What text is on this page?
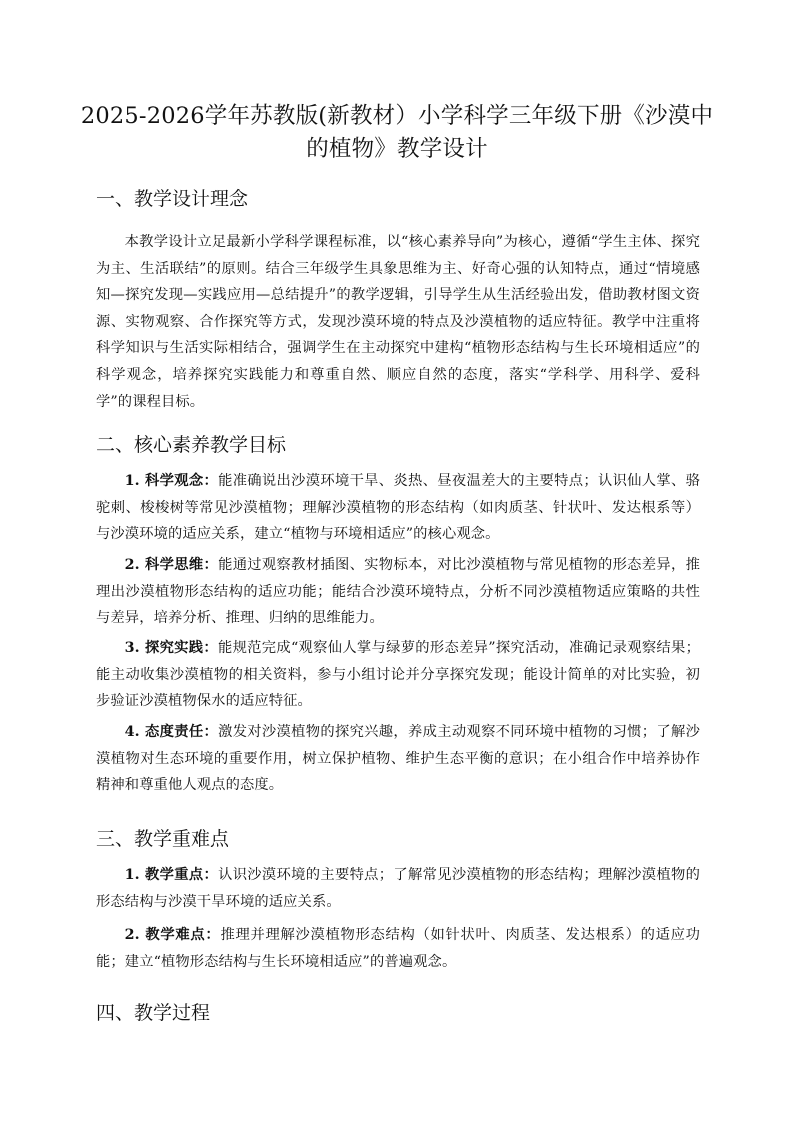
2025-2026学年苏教版(新教材）小学科学三年级下册《沙漠中的植物》教学设计
一、教学设计理念
本教学设计立足最新小学科学课程标准，以“核心素养导向”为核心，遵循“学生主体、探究为主、生活联结”的原则。结合三年级学生具象思维为主、好奇心强的认知特点，通过“情境感知—探究发现—实践应用—总结提升”的教学逻辑，引导学生从生活经验出发，借助教材图文资源、实物观察、合作探究等方式，发现沙漠环境的特点及沙漠植物的适应特征。教学中注重将科学知识与生活实际相结合，强调学生在主动探究中建构“植物形态结构与生长环境相适应”的科学观念，培养探究实践能力和尊重自然、顺应自然的态度，落实“学科学、用科学、爱科学”的课程目标。
二、核心素养教学目标
1. 科学观念：能准确说出沙漠环境干旱、炎热、昼夜温差大的主要特点；认识仙人掌、骆驼刺、梭梭树等常见沙漠植物；理解沙漠植物的形态结构（如肉质茎、针状叶、发达根系等）与沙漠环境的适应关系，建立“植物与环境相适应”的核心观念。
2. 科学思维：能通过观察教材插图、实物标本，对比沙漠植物与常见植物的形态差异，推理出沙漠植物形态结构的适应功能；能结合沙漠环境特点，分析不同沙漠植物适应策略的共性与差异，培养分析、推理、归纳的思维能力。
3. 探究实践：能规范完成“观察仙人掌与绿萝的形态差异”探究活动，准确记录观察结果；能主动收集沙漠植物的相关资料，参与小组讨论并分享探究发现；能设计简单的对比实验，初步验证沙漠植物保水的适应特征。
4. 态度责任：激发对沙漠植物的探究兴趣，养成主动观察不同环境中植物的习惯；了解沙漠植物对生态环境的重要作用，树立保护植物、维护生态平衡的意识；在小组合作中培养协作精神和尊重他人观点的态度。
三、教学重难点
1. 教学重点：认识沙漠环境的主要特点；了解常见沙漠植物的形态结构；理解沙漠植物的形态结构与沙漠干旱环境的适应关系。
2. 教学难点：推理并理解沙漠植物形态结构（如针状叶、肉质茎、发达根系）的适应功能；建立“植物形态结构与生长环境相适应”的普遍观念。
四、教学过程
